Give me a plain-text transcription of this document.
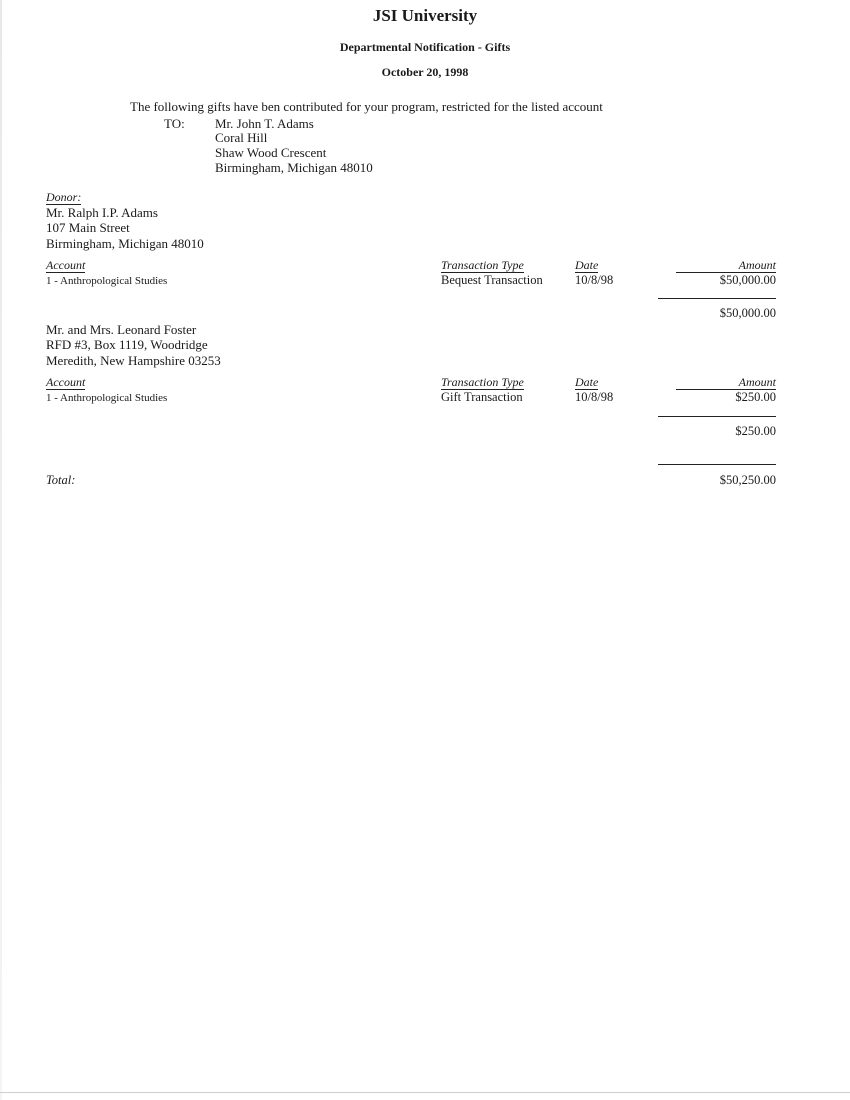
JSI University
Departmental Notification - Gifts
October 20, 1998
The following gifts have ben contributed for your program, restricted for the listed account
TO: Mr. John T. Adams
Coral Hill
Shaw Wood Crescent
Birmingham, Michigan 48010
Donor:
Mr. Ralph I.P. Adams
107 Main Street
Birmingham, Michigan 48010
Account	Transaction Type	Date	Amount
1 - Anthropological Studies	Bequest Transaction	10/8/98	$50,000.00
$50,000.00
Mr. and Mrs. Leonard Foster
RFD #3, Box 1119, Woodridge
Meredith, New Hampshire 03253
Account	Transaction Type	Date	Amount
1 - Anthropological Studies	Gift Transaction	10/8/98	$250.00
$250.00
Total:	$50,250.00
